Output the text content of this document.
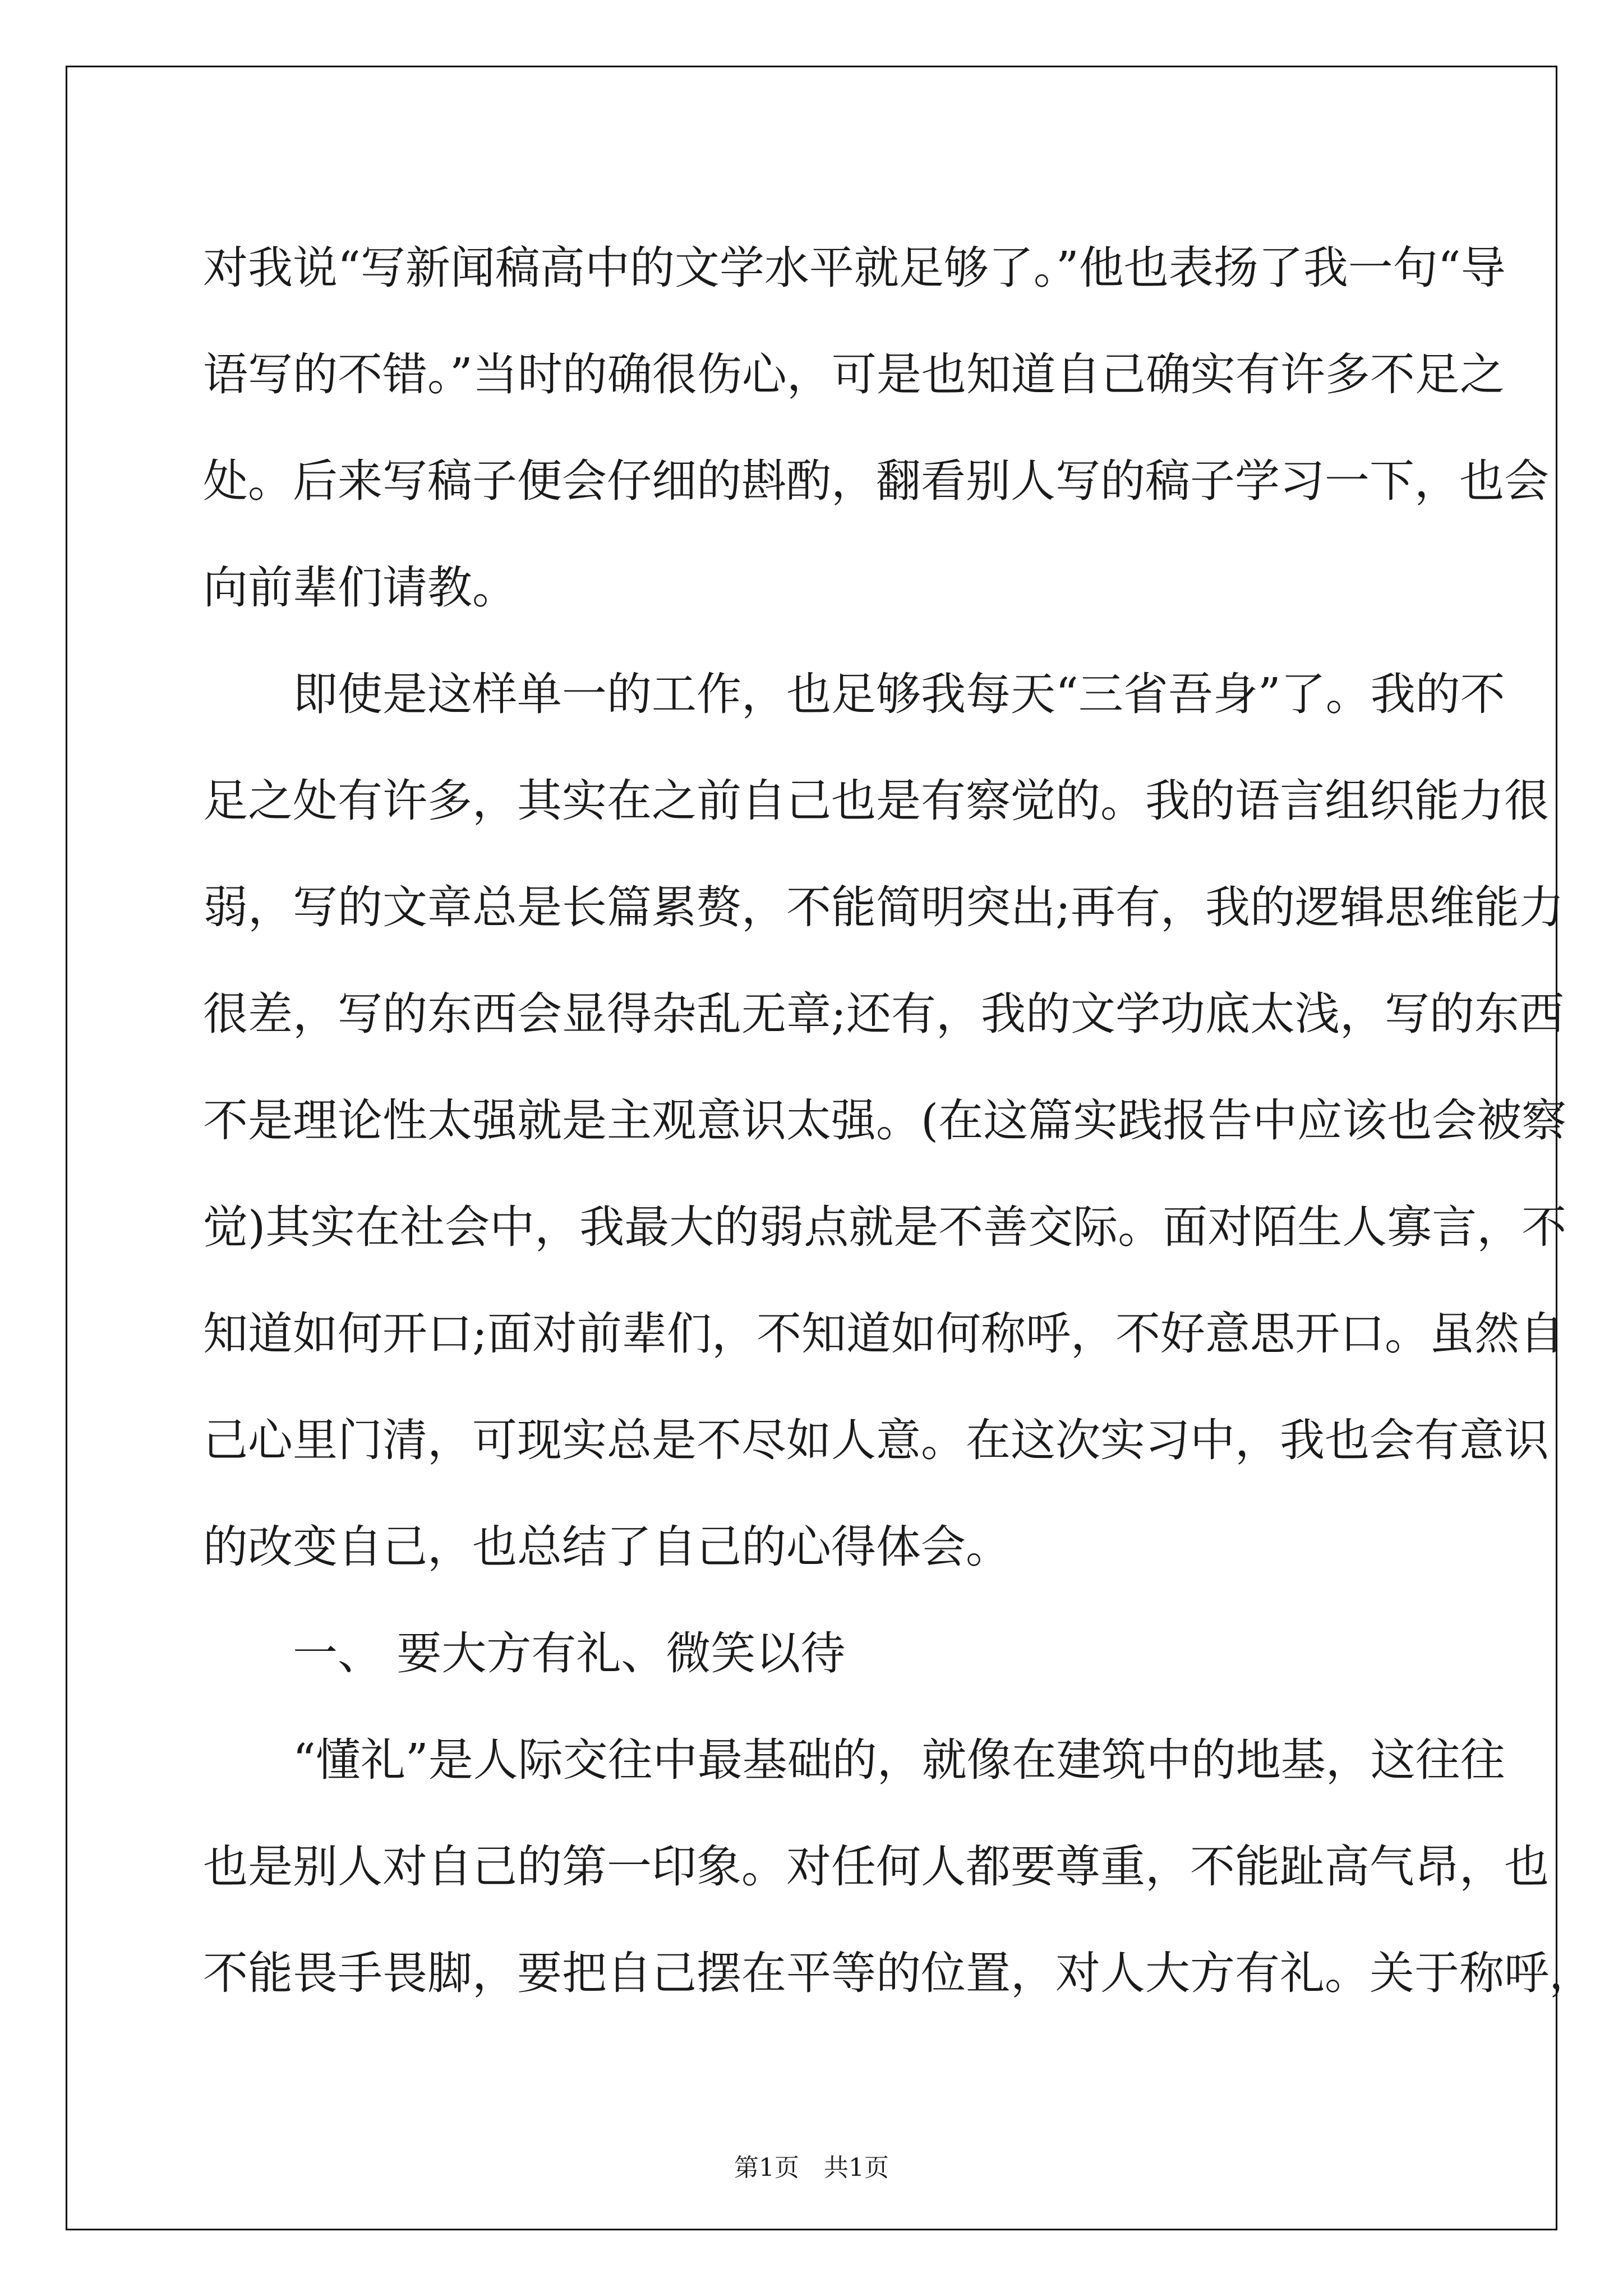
对我说“写新闻稿高中的文学水平就足够了。”他也表扬了我一句“导
语写的不错。”当时的确很伤心，可是也知道自己确实有许多不足之
处。后来写稿子便会仔细的斟酌，翻看别人写的稿子学习一下，也会
向前辈们请教。
即使是这样单一的工作，也足够我每天“三省吾身”了。我的不
足之处有许多，其实在之前自己也是有察觉的。我的语言组织能力很
弱，写的文章总是长篇累赘，不能简明突出;再有，我的逻辑思维能力
很差，写的东西会显得杂乱无章;还有，我的文学功底太浅，写的东西
不是理论性太强就是主观意识太强。(在这篇实践报告中应该也会被察
觉)其实在社会中，我最大的弱点就是不善交际。面对陌生人寡言，不
知道如何开口;面对前辈们，不知道如何称呼，不好意思开口。虽然自
己心里门清，可现实总是不尽如人意。在这次实习中，我也会有意识
的改变自己，也总结了自己的心得体会。
一、 要大方有礼、微笑以待
“懂礼”是人际交往中最基础的，就像在建筑中的地基，这往往
也是别人对自己的第一印象。对任何人都要尊重，不能趾高气昂，也
不能畏手畏脚，要把自己摆在平等的位置，对人大方有礼。关于称呼，
第1页　共1页
